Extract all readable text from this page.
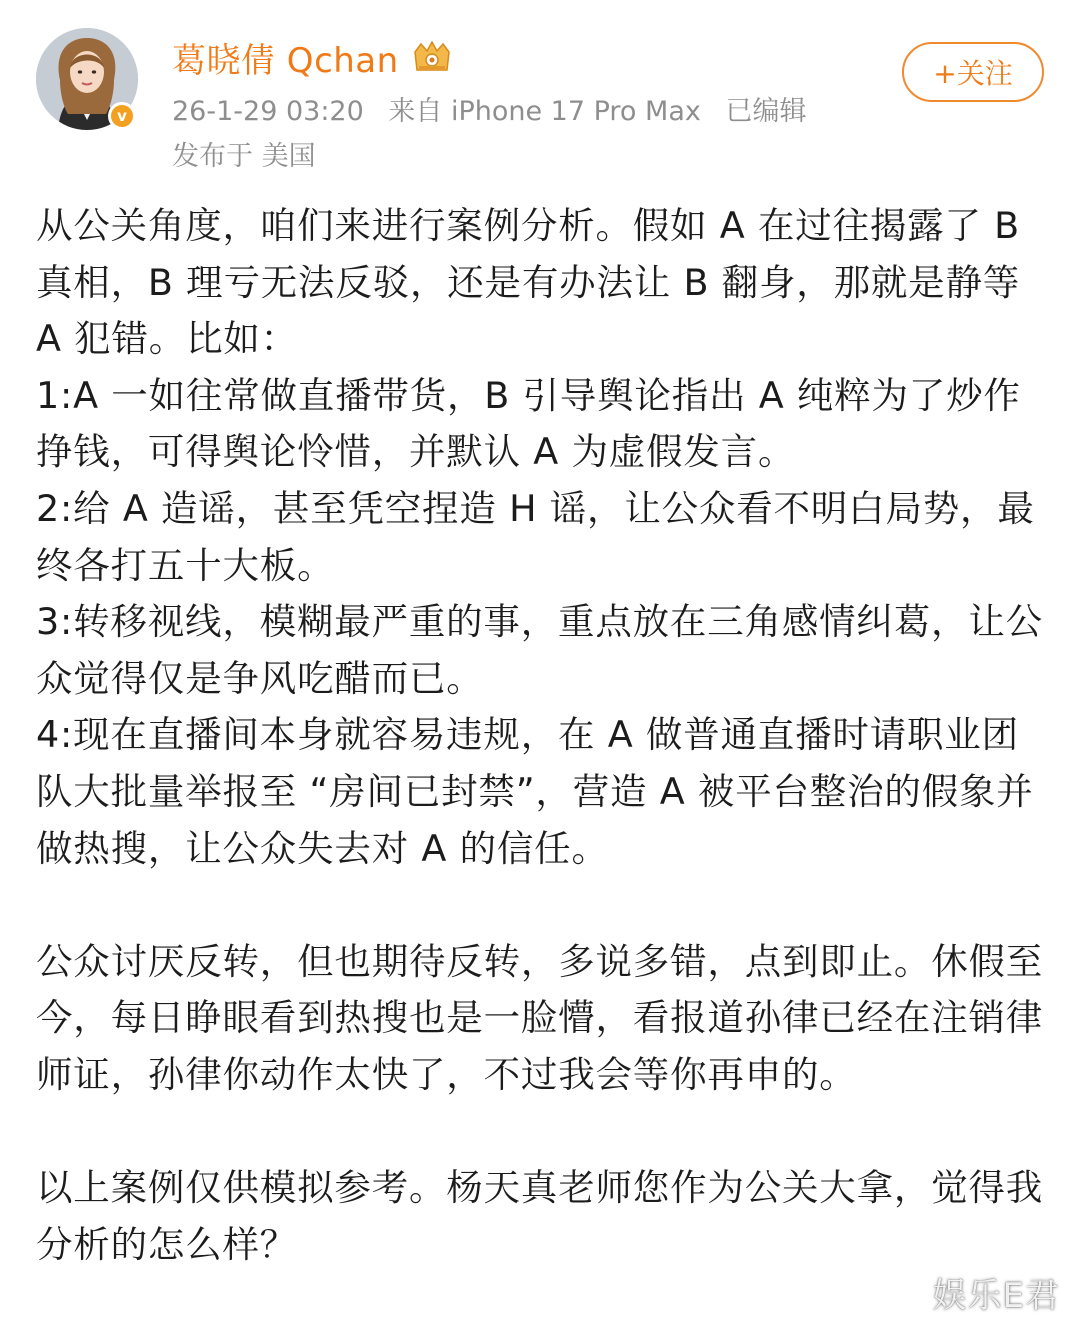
v
葛晓倩 Qchan
26-1-29 03:20 来自 iPhone 17 Pro Max 已编辑
发布于 美国
+关注

从公关角度，咱们来进行案例分析。假如 A 在过往揭露了 B 真相，B 理亏无法反驳，还是有办法让 B 翻身，那就是静等 A 犯错。比如：

1:A 一如往常做直播带货，B 引导舆论指出 A 纯粹为了炒作挣钱，可得舆论怜惜，并默认 A 为虚假发言。

2:给 A 造谣，甚至凭空捏造 H 谣，让公众看不明白局势，最终各打五十大板。

3:转移视线，模糊最严重的事，重点放在三角感情纠葛，让公众觉得仅是争风吃醋而已。

4:现在直播间本身就容易违规，在 A 做普通直播时请职业团队大批量举报至 “房间已封禁”，营造 A 被平台整治的假象并做热搜，让公众失去对 A 的信任。

公众讨厌反转，但也期待反转，多说多错，点到即止。休假至今，每日睁眼看到热搜也是一脸懵，看报道孙律已经在注销律师证，孙律你动作太快了，不过我会等你再申的。

以上案例仅供模拟参考。杨天真老师您作为公关大拿，觉得我分析的怎么样？

娱乐E君
